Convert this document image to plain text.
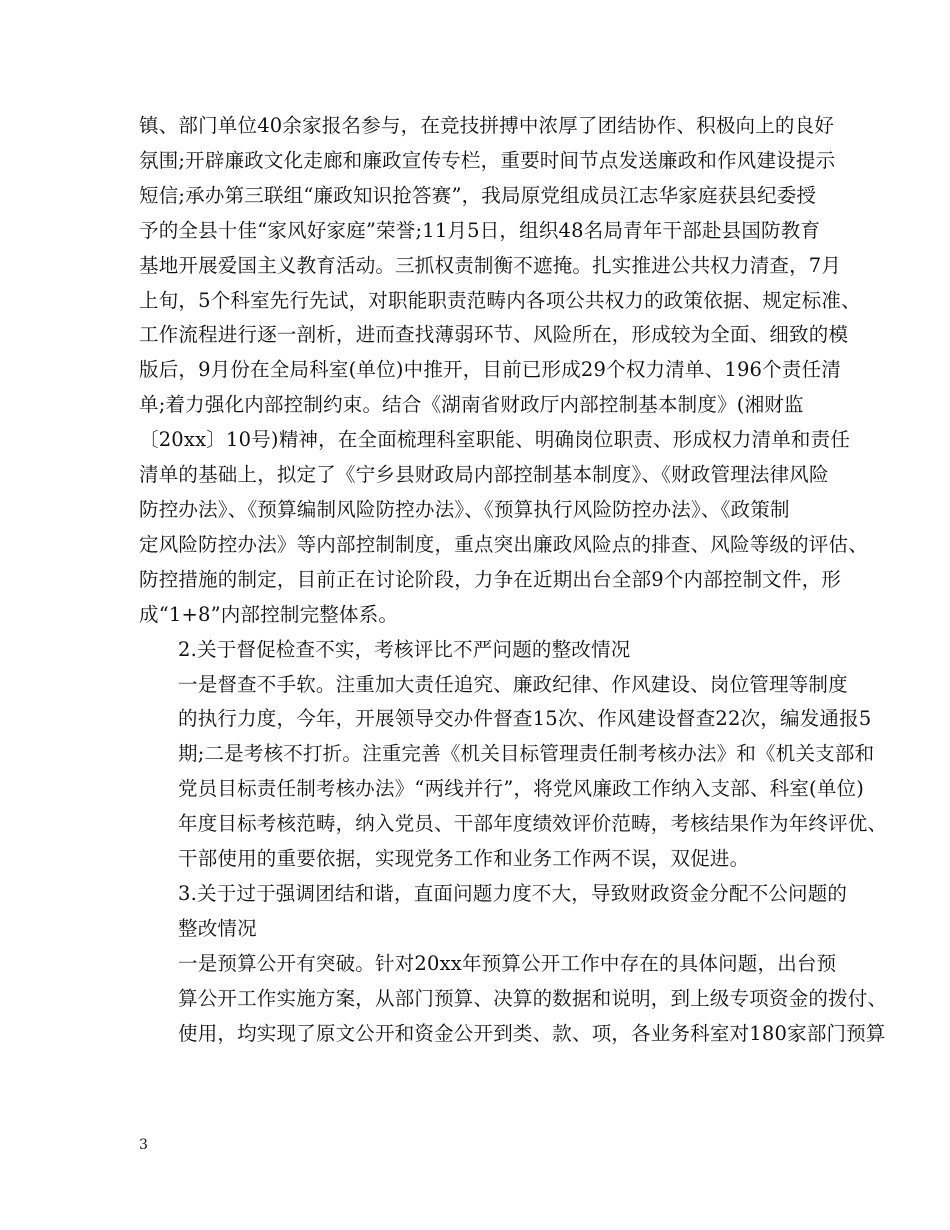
镇、部门单位40余家报名参与，在竞技拼搏中浓厚了团结协作、积极向上的良好
氛围;开辟廉政文化走廊和廉政宣传专栏，重要时间节点发送廉政和作风建设提示
短信;承办第三联组“廉政知识抢答赛”，我局原党组成员江志华家庭获县纪委授
予的全县十佳“家风好家庭”荣誉;11月5日，组织48名局青年干部赴县国防教育
基地开展爱国主义教育活动。三抓权责制衡不遮掩。扎实推进公共权力清查，7月
上旬，5个科室先行先试，对职能职责范畴内各项公共权力的政策依据、规定标准、
工作流程进行逐一剖析，进而查找薄弱环节、风险所在，形成较为全面、细致的模
版后，9月份在全局科室(单位)中推开，目前已形成29个权力清单、196个责任清
单;着力强化内部控制约束。结合《湖南省财政厅内部控制基本制度》(湘财监
〔20xx〕10号)精神，在全面梳理科室职能、明确岗位职责、形成权力清单和责任
清单的基础上，拟定了《宁乡县财政局内部控制基本制度》、《财政管理法律风险
防控办法》、《预算编制风险防控办法》、《预算执行风险防控办法》、《政策制
定风险防控办法》等内部控制制度，重点突出廉政风险点的排查、风险等级的评估、
防控措施的制定，目前正在讨论阶段，力争在近期出台全部9个内部控制文件，形
成“1+8”内部控制完整体系。

2.关于督促检查不实，考核评比不严问题的整改情况

一是督查不手软。注重加大责任追究、廉政纪律、作风建设、岗位管理等制度
的执行力度，今年，开展领导交办件督查15次、作风建设督查22次，编发通报5
期;二是考核不打折。注重完善《机关目标管理责任制考核办法》和《机关支部和
党员目标责任制考核办法》“两线并行”，将党风廉政工作纳入支部、科室(单位)
年度目标考核范畴，纳入党员、干部年度绩效评价范畴，考核结果作为年终评优、
干部使用的重要依据，实现党务工作和业务工作两不误，双促进。

3.关于过于强调团结和谐，直面问题力度不大，导致财政资金分配不公问题的
整改情况

一是预算公开有突破。针对20xx年预算公开工作中存在的具体问题，出台预
算公开工作实施方案，从部门预算、决算的数据和说明，到上级专项资金的拨付、
使用，均实现了原文公开和资金公开到类、款、项，各业务科室对180家部门预算

3
